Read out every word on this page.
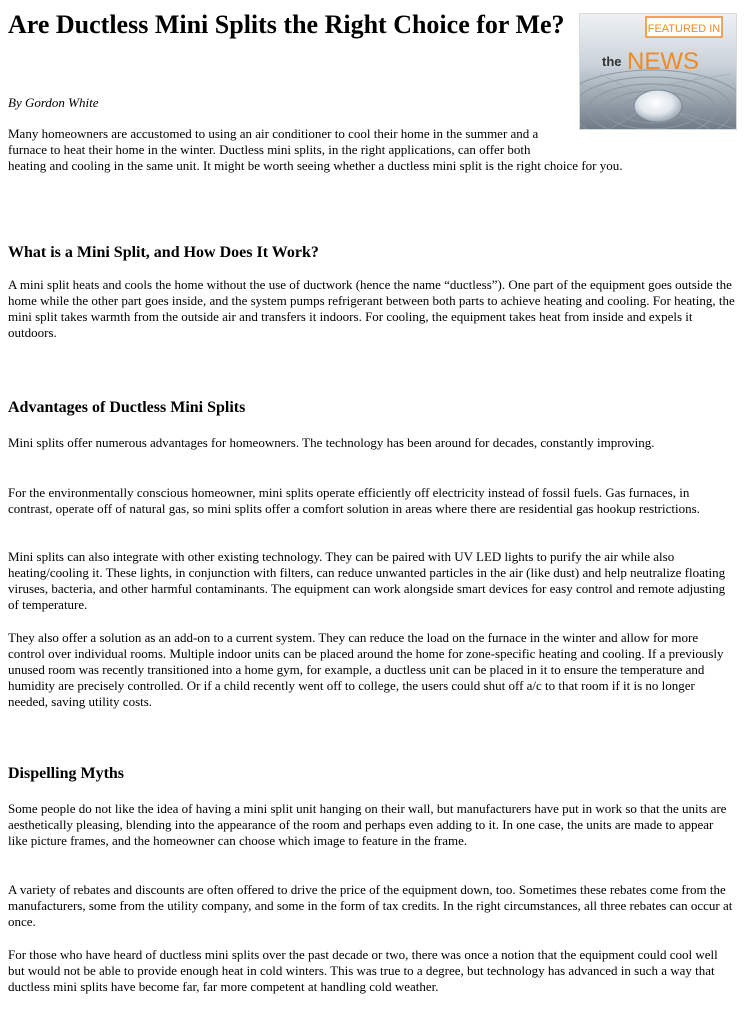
Are Ductless Mini Splits the Right Choice for Me?	FEATURED IN
the NEWS

By Gordon White

Many homeowners are accustomed to using an air conditioner to cool their home in the summer and a furnace to heat their home in the winter. Ductless mini splits, in the right applications, can offer both heating and cooling in the same unit. It might be worth seeing whether a ductless mini split is the right choice for you.

What is a Mini Split, and How Does It Work?

A mini split heats and cools the home without the use of ductwork (hence the name “ductless”). One part of the equipment goes outside the home while the other part goes inside, and the system pumps refrigerant between both parts to achieve heating and cooling. For heating, the mini split takes warmth from the outside air and transfers it indoors. For cooling, the equipment takes heat from inside and expels it outdoors.

Advantages of Ductless Mini Splits

Mini splits offer numerous advantages for homeowners. The technology has been around for decades, constantly improving.

For the environmentally conscious homeowner, mini splits operate efficiently off electricity instead of fossil fuels. Gas furnaces, in contrast, operate off of natural gas, so mini splits offer a comfort solution in areas where there are residential gas hookup restrictions.

Mini splits can also integrate with other existing technology. They can be paired with UV LED lights to purify the air while also heating/cooling it. These lights, in conjunction with filters, can reduce unwanted particles in the air (like dust) and help neutralize floating viruses, bacteria, and other harmful contaminants. The equipment can work alongside smart devices for easy control and remote adjusting of temperature.

They also offer a solution as an add-on to a current system. They can reduce the load on the furnace in the winter and allow for more control over individual rooms. Multiple indoor units can be placed around the home for zone-specific heating and cooling. If a previously unused room was recently transitioned into a home gym, for example, a ductless unit can be placed in it to ensure the temperature and humidity are precisely controlled. Or if a child recently went off to college, the users could shut off a/c to that room if it is no longer needed, saving utility costs.

Dispelling Myths

Some people do not like the idea of having a mini split unit hanging on their wall, but manufacturers have put in work so that the units are aesthetically pleasing, blending into the appearance of the room and perhaps even adding to it. In one case, the units are made to appear like picture frames, and the homeowner can choose which image to feature in the frame.

A variety of rebates and discounts are often offered to drive the price of the equipment down, too. Sometimes these rebates come from the manufacturers, some from the utility company, and some in the form of tax credits. In the right circumstances, all three rebates can occur at once.

For those who have heard of ductless mini splits over the past decade or two, there was once a notion that the equipment could cool well but would not be able to provide enough heat in cold winters. This was true to a degree, but technology has advanced in such a way that ductless mini splits have become far, far more competent at handling cold weather.
